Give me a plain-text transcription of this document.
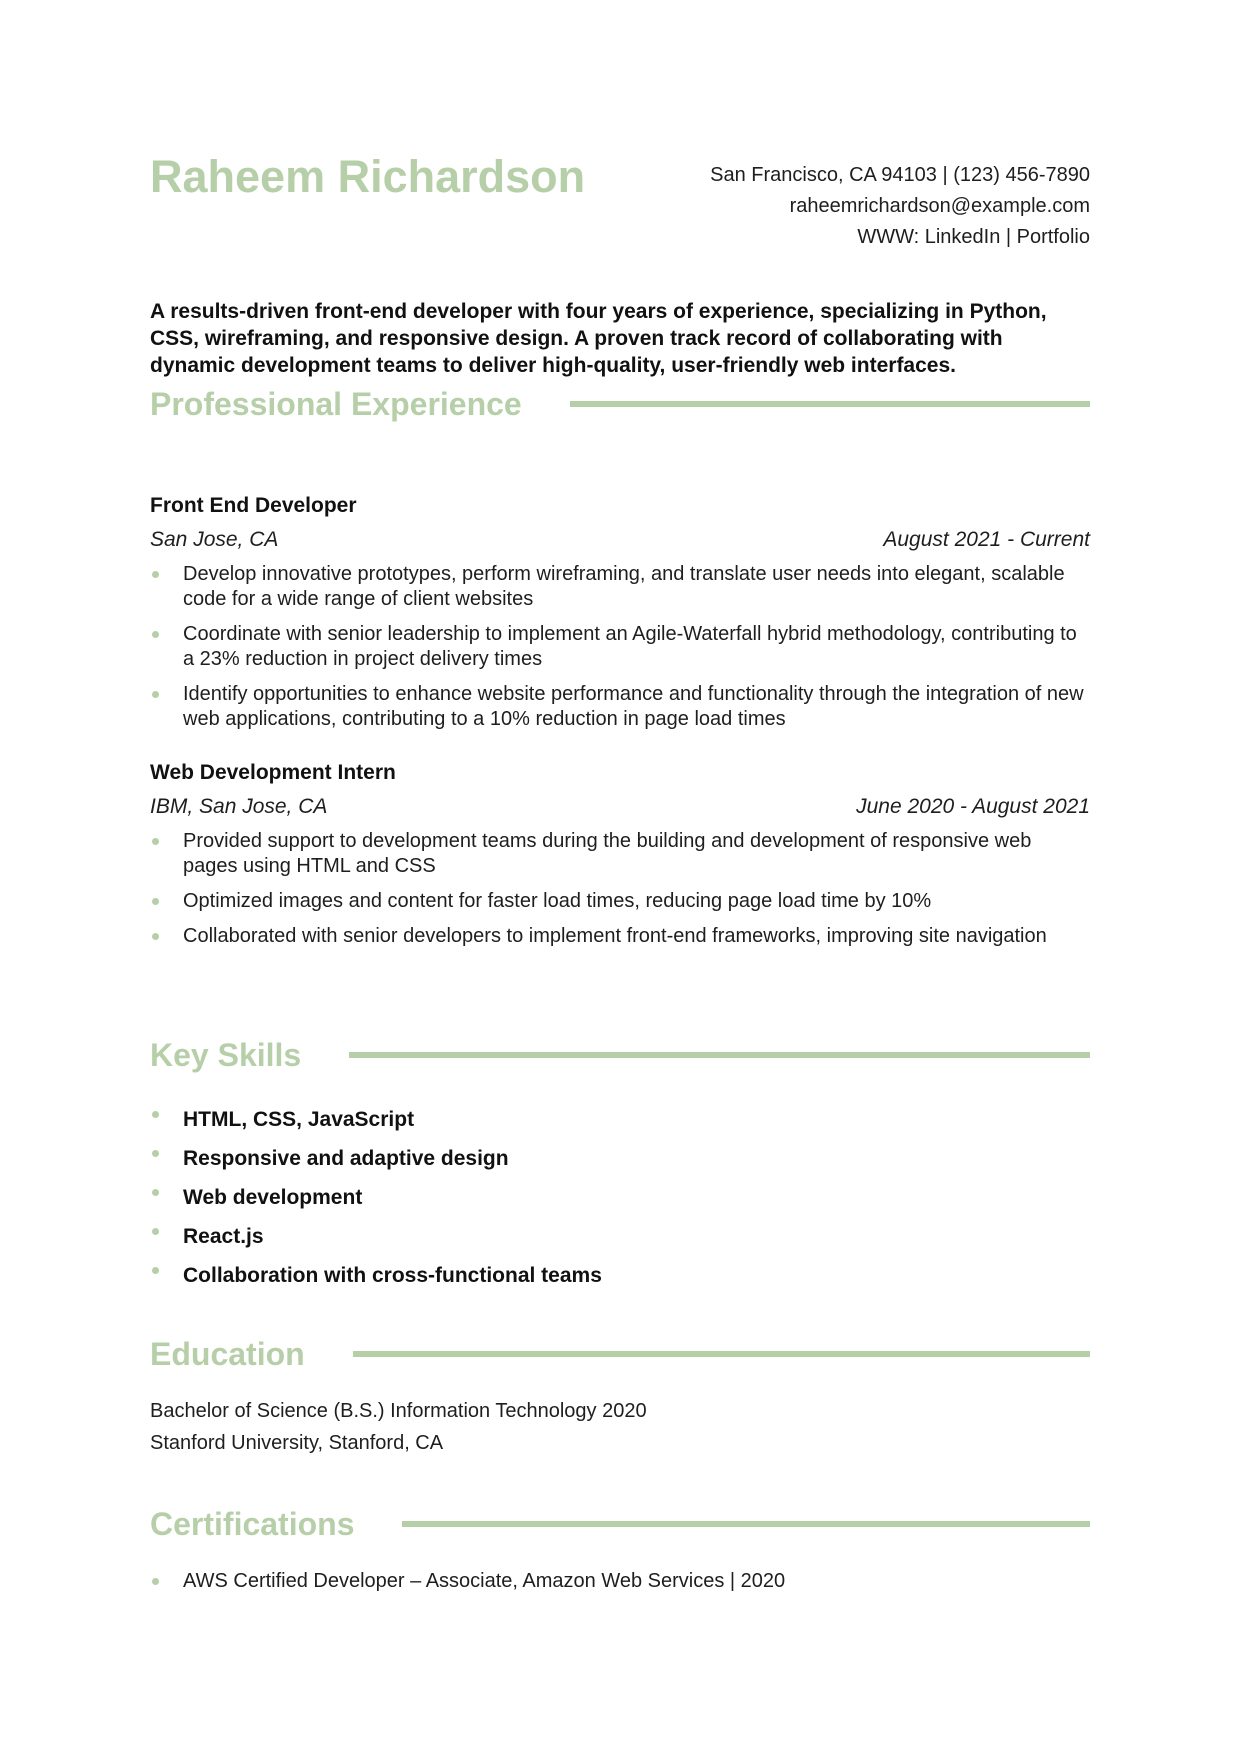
Raheem Richardson	San Francisco, CA 94103 | (123) 456-7890
raheemrichardson@example.com
WWW: LinkedIn | Portfolio
A results-driven front-end developer with four years of experience, specializing in Python, CSS, wireframing, and responsive design. A proven track record of collaborating with dynamic development teams to deliver high-quality, user-friendly web interfaces.
Professional Experience
Front End Developer
San Jose, CA	August 2021 - Current
Develop innovative prototypes, perform wireframing, and translate user needs into elegant, scalable code for a wide range of client websites
Coordinate with senior leadership to implement an Agile-Waterfall hybrid methodology, contributing to a 23% reduction in project delivery times
Identify opportunities to enhance website performance and functionality through the integration of new web applications, contributing to a 10% reduction in page load times
Web Development Intern
IBM, San Jose, CA	June 2020 - August 2021
Provided support to development teams during the building and development of responsive web pages using HTML and CSS
Optimized images and content for faster load times, reducing page load time by 10%
Collaborated with senior developers to implement front-end frameworks, improving site navigation
Key Skills
HTML, CSS, JavaScript
Responsive and adaptive design
Web development
React.js
Collaboration with cross-functional teams
Education
Bachelor of Science (B.S.) Information Technology 2020
Stanford University, Stanford, CA
Certifications
AWS Certified Developer – Associate, Amazon Web Services | 2020
